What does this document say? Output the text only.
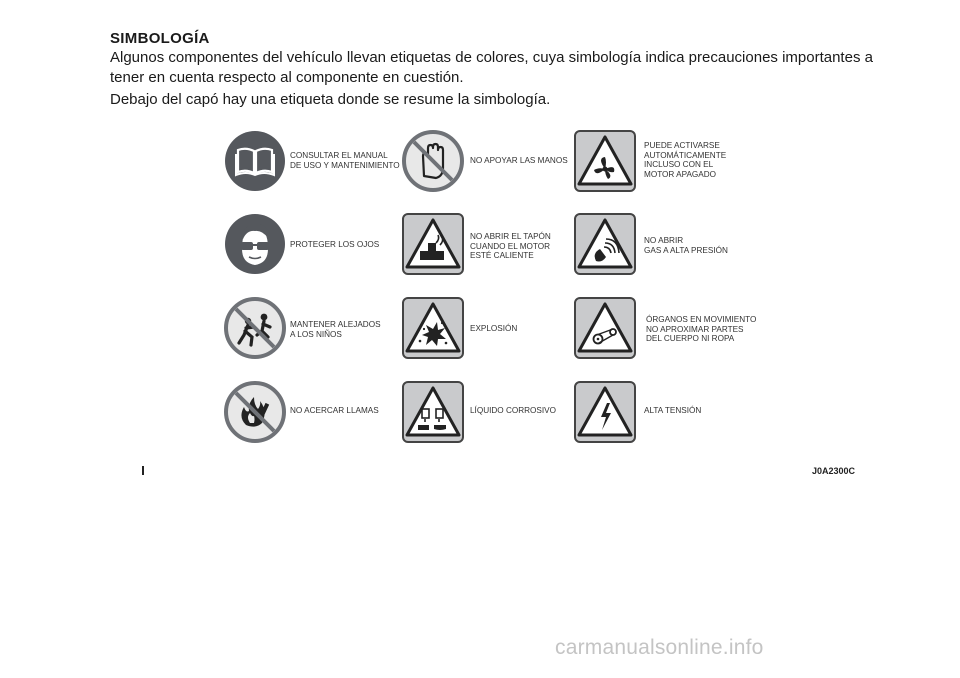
SIMBOLOGÍA
Algunos componentes del vehículo llevan etiquetas de colores, cuya simbología indica precauciones importantes a tener en cuenta respecto al componente en cuestión.
Debajo del capó hay una etiqueta donde se resume la simbología.
CONSULTAR EL MANUAL
DE USO Y MANTENIMIENTO
PROTEGER LOS OJOS
MANTENER ALEJADOS
A LOS NIÑOS
NO ACERCAR LLAMAS
NO APOYAR LAS MANOS
NO ABRIR EL TAPÓN
CUANDO EL MOTOR
ESTÉ CALIENTE
EXPLOSIÓN
LÍQUIDO CORROSIVO
PUEDE ACTIVARSE
AUTOMÁTICAMENTE
INCLUSO CON EL
MOTOR APAGADO
NO ABRIR
GAS A ALTA PRESIÓN
ÓRGANOS EN MOVIMIENTO
NO APROXIMAR PARTES
DEL CUERPO NI ROPA
ALTA TENSIÓN
J0A2300C
carmanualsonline.info
